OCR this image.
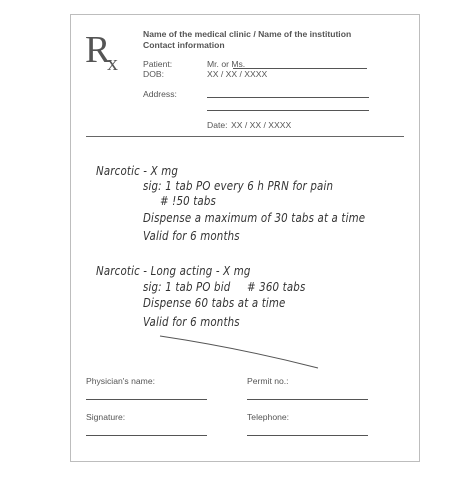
R
x
Name of the medical clinic / Name of the institution
Contact information
Patient:	Mr. or Ms.
DOB:	XX / XX / XXXX
Address:
Date: XX / XX / XXXX
Narcotic - X mg
sig: 1 tab PO every 6 h PRN for pain
# !50 tabs
Dispense a maximum of 30 tabs at a time
Valid for 6 months
Narcotic - Long acting - X mg
sig: 1 tab PO bid # 360 tabs
Dispense 60 tabs at a time
Valid for 6 months
Physician's name:	Permit no.:
Signature:	Telephone:
